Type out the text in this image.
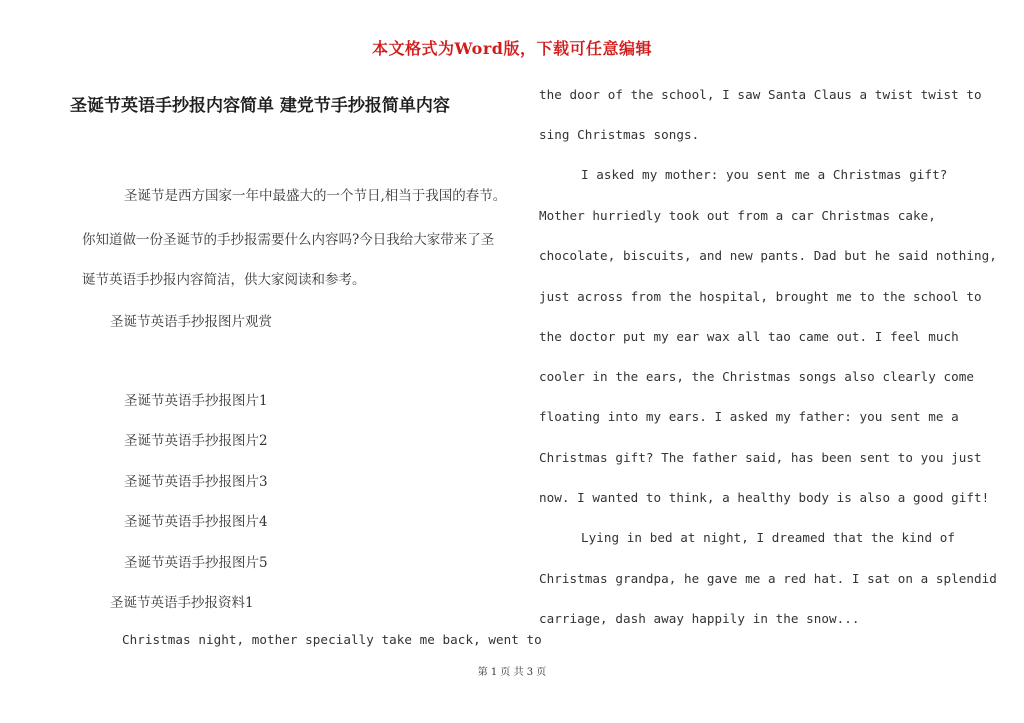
本文格式为Word版，下载可任意编辑
圣诞节英语手抄报内容简单 建党节手抄报简单内容
圣诞节是西方国家一年中最盛大的一个节日,相当于我国的春节。
你知道做一份圣诞节的手抄报需要什么内容吗?今日我给大家带来了圣
诞节英语手抄报内容简洁，供大家阅读和参考。
圣诞节英语手抄报图片观赏
圣诞节英语手抄报图片1
圣诞节英语手抄报图片2
圣诞节英语手抄报图片3
圣诞节英语手抄报图片4
圣诞节英语手抄报图片5
圣诞节英语手抄报资料1
Christmas night, mother specially take me back, went to
the door of the school, I saw Santa Claus a twist twist to
sing Christmas songs.
I asked my mother: you sent me a Christmas gift?
Mother hurriedly took out from a car Christmas cake,
chocolate, biscuits, and new pants. Dad but he said nothing,
just across from the hospital, brought me to the school to
the doctor put my ear wax all tao came out. I feel much
cooler in the ears, the Christmas songs also clearly come
floating into my ears. I asked my father: you sent me a
Christmas gift? The father said, has been sent to you just
now. I wanted to think, a healthy body is also a good gift!
Lying in bed at night, I dreamed that the kind of
Christmas grandpa, he gave me a red hat. I sat on a splendid
carriage, dash away happily in the snow...
第 1 页 共 3 页
